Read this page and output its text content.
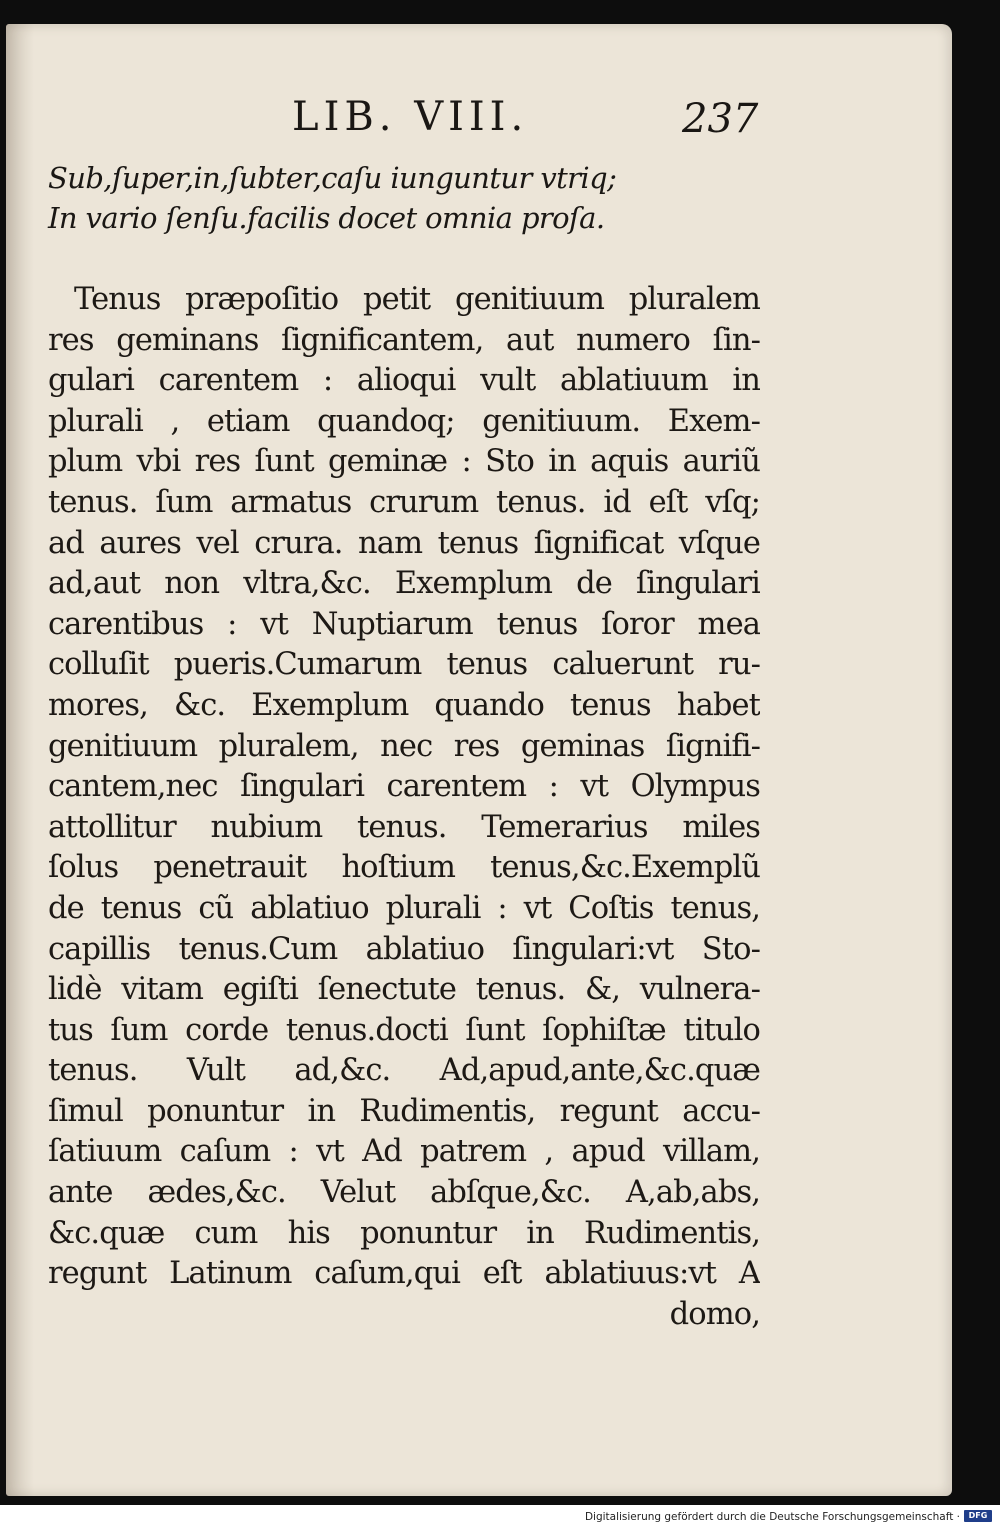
LIB. VIII.	237
Sub,ſuper,in,ſubter,caſu iunguntur vtriq;
In vario ſenſu.facilis docet omnia proſa.
Tenus præpoſitio petit genitiuum pluralem
res geminans ſignificantem, aut numero ſin-
gulari carentem : alioqui vult ablatiuum in
plurali , etiam quandoq; genitiuum. Exem-
plum vbi res ſunt geminæ : Sto in aquis auriũ
tenus. ſum armatus crurum tenus. id eſt vſq;
ad aures vel crura. nam tenus ſignificat vſque
ad,aut non vltra,&c. Exemplum de ſingulari
carentibus : vt Nuptiarum tenus ſoror mea
colluſit pueris.Cumarum tenus caluerunt ru-
mores, &c. Exemplum quando tenus habet
genitiuum pluralem, nec res geminas ſignifi-
cantem,nec ſingulari carentem : vt Olympus
attollitur nubium tenus. Temerarius miles
ſolus penetrauit hoſtium tenus,&c.Exemplũ
de tenus cũ ablatiuo plurali : vt Coſtis tenus,
capillis tenus.Cum ablatiuo ſingulari:vt Sto-
lidè vitam egiſti ſenectute tenus. &, vulnera-
tus ſum corde tenus.docti ſunt ſophiſtæ titulo
tenus. Vult ad,&c. Ad,apud,ante,&c.quæ
ſimul ponuntur in Rudimentis, regunt accu-
ſatiuum caſum : vt Ad patrem , apud villam,
ante ædes,&c. Velut abſque,&c. A,ab,abs,
&c.quæ cum his ponuntur in Rudimentis,
regunt Latinum caſum,qui eſt ablatiuus:vt A
domo,
Digitalisierung gefördert durch die Deutsche Forschungsgemeinschaft ·	DFG
